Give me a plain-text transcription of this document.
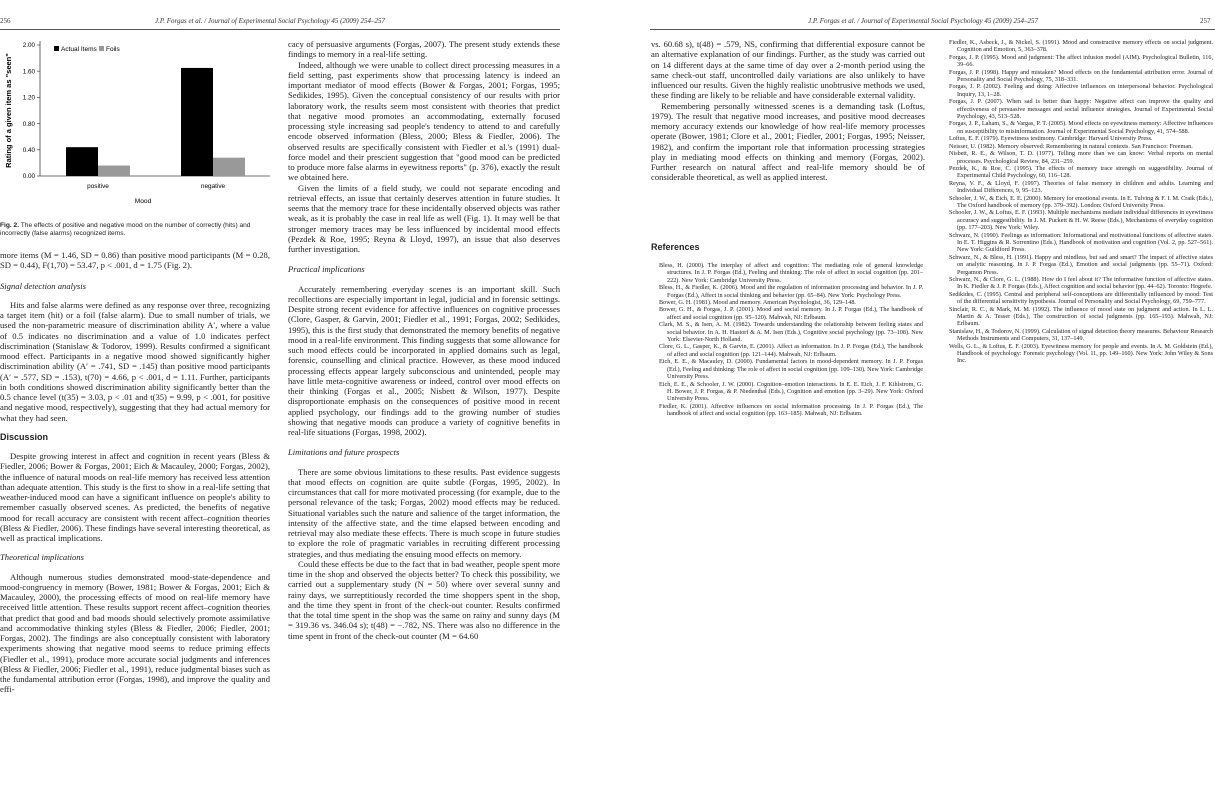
256	J.P. Forgas et al. / Journal of Experimental Social Psychology 45 (2009) 254–257
Rating of a given item as "seen"
0.00
0.40
0.80
1.20
1.60
2.00
positive	negative
Mood
Actual Items Foils
Fig. 2. The effects of positive and negative mood on the number of correctly (hits) and incorrectly (false alarms) recognized items.

more items (M = 1.46, SD = 0.86) than positive mood participants (M = 0.28, SD = 0.44), F(1,70) = 53.47, p < .001, d = 1.75 (Fig. 2).

Signal detection analysis

Hits and false alarms were defined as any response over three, recognizing a target item (hit) or a foil (false alarm). Due to small number of trials, we used the non-parametric measure of discrimination ability A′, where a value of 0.5 indicates no discrimination and a value of 1.0 indicates perfect discrimination (Stanislaw & Todorov, 1999). Results confirmed a significant mood effect. Participants in a negative mood showed significantly higher discrimination ability (A′ = .741, SD = .145) than positive mood participants (A′ = .577, SD = .153), t(70) = 4.66, p < .001, d = 1.11. Further, participants in both conditions showed discrimination ability significantly better than the 0.5 chance level (t(35) = 3.03, p < .01 and t(35) = 9.99, p < .001, for positive and negative mood, respectively), suggesting that they had actual memory for what they had seen.

Discussion

Despite growing interest in affect and cognition in recent years (Bless & Fiedler, 2006; Bower & Forgas, 2001; Eich & Macauley, 2000; Forgas, 2002), the influence of natural moods on real-life memory has received less attention than adequate attention. This study is the first to show in a real-life setting that weather-induced mood can have a significant influence on people's ability to remember casually observed scenes. As predicted, the benefits of negative mood for recall accuracy are consistent with recent affect–cognition theories (Bless & Fiedler, 2006). These findings have several interesting theoretical, as well as practical implications.

Theoretical implications

Although numerous studies demonstrated mood-state-dependence and mood-congruency in memory (Bower, 1981; Bower & Forgas, 2001; Eich & Macauley, 2000), the processing effects of mood on real-life memory have received little attention. These results support recent affect–cognition theories that predict that good and bad moods should selectively promote assimilative and accommodative thinking styles (Bless & Fiedler, 2006; Fiedler, 2001; Forgas, 2002). The findings are also conceptually consistent with laboratory experiments showing that negative mood seems to reduce priming effects (Fiedler et al., 1991), produce more accurate social judgments and inferences (Bless & Fiedler, 2006; Fiedler et al., 1991), reduce judgmental biases such as the fundamental attribution error (Forgas, 1998), and improve the quality and effi-

cacy of persuasive arguments (Forgas, 2007). The present study extends these findings to memory in a real-life setting.

Indeed, although we were unable to collect direct processing measures in a field setting, past experiments show that processing latency is indeed an important mediator of mood effects (Bower & Forgas, 2001; Forgas, 1995; Sedikides, 1995). Given the conceptual consistency of our results with prior laboratory work, the results seem most consistent with theories that predict that negative mood promotes an accommodating, externally focused processing style increasing sad people's tendency to attend to and carefully encode observed information (Bless, 2000; Bless & Fiedler, 2006). The observed results are specifically consistent with Fiedler et al.'s (1991) dual-force model and their prescient suggestion that "good mood can be predicted to produce more false alarms in eyewitness reports" (p. 376), exactly the result we obtained here.

Given the limits of a field study, we could not separate encoding and retrieval effects, an issue that certainly deserves attention in future studies. It seems that the memory trace for these incidentally observed objects was rather weak, as it is probably the case in real life as well (Fig. 1). It may well be that stronger memory traces may be less influenced by incidental mood effects (Pezdek & Roe, 1995; Reyna & Lloyd, 1997), an issue that also deserves further investigation.

Practical implications

Accurately remembering everyday scenes is an important skill. Such recollections are especially important in legal, judicial and in forensic settings. Despite strong recent evidence for affective influences on cognitive processes (Clore, Gasper, & Garvin, 2001; Fiedler et al., 1991; Forgas, 2002; Sedikides, 1995), this is the first study that demonstrated the memory benefits of negative mood in a real-life environment. This finding suggests that some allowance for such mood effects could be incorporated in applied domains such as legal, forensic, counselling and clinical practice. However, as these mood induced processing effects appear largely subconscious and unintended, people may have little meta-cognitive awareness or indeed, control over mood effects on their thinking (Forgas et al., 2005; Nisbett & Wilson, 1977). Despite disproportionate emphasis on the consequences of positive mood in recent applied psychology, our findings add to the growing number of studies showing that negative moods can produce a variety of cognitive benefits in real-life situations (Forgas, 1998, 2002).

Limitations and future prospects

There are some obvious limitations to these results. Past evidence suggests that mood effects on cognition are quite subtle (Forgas, 1995, 2002). In circumstances that call for more motivated processing (for example, due to the personal relevance of the task; Forgas, 2002) mood effects may be reduced. Situational variables such the nature and salience of the target information, the intensity of the affective state, and the time elapsed between encoding and retrieval may also mediate these effects. There is much scope in future studies to explore the role of pragmatic variables in recruiting different processing strategies, and thus mediating the ensuing mood effects on memory.

Could these effects be due to the fact that in bad weather, people spent more time in the shop and observed the objects better? To check this possibility, we carried out a supplementary study (N = 50) where over several sunny and rainy days, we surreptitiously recorded the time shoppers spent in the shop, and the time they spent in front of the check-out counter. Results confirmed that the total time spent in the shop was the same on rainy and sunny days (M = 319.36 vs. 346.04 s); t(48) = −.782, NS. There was also no difference in the time spent in front of the check-out counter (M = 64.60

J.P. Forgas et al. / Journal of Experimental Social Psychology 45 (2009) 254–257	257

vs. 60.68 s), t(48) = .579, NS, confirming that differential exposure cannot be an alternative explanation of our findings. Further, as the study was carried out on 14 different days at the same time of day over a 2-month period using the same check-out staff, uncontrolled daily variations are also unlikely to have influenced our results. Given the highly realistic unobtrusive methods we used, these finding are likely to be reliable and have considerable external validity.

Remembering personally witnessed scenes is a demanding task (Loftus, 1979). The result that negative mood increases, and positive mood decreases memory accuracy extends our knowledge of how real-life memory processes operate (Bower, 1981; Clore et al., 2001; Fiedler, 2001; Forgas, 1995; Neisser, 1982), and confirm the important role that information processing strategies play in mediating mood effects on thinking and memory (Forgas, 2002). Further research on natural affect and real-life memory should be of considerable theoretical, as well as applied interest.

References
Bless, H. (2000). The interplay of affect and cognition: The mediating role of general knowledge structures. In J. P. Forgas (Ed.), Feeling and thinking: The role of affect in social cognition (pp. 201–222). New York: Cambridge University Press.
Bless, H., & Fiedler, K. (2006). Mood and the regulation of information processing and behavior. In J. P. Forgas (Ed.), Affect in social thinking and behavior (pp. 65–84). New York: Psychology Press.
Bower, G. H. (1981). Mood and memory. American Psychologist, 36, 129–148.
Bower, G. H., & Forgas, J. P. (2001). Mood and social memory. In J. P. Forgas (Ed.), The handbook of affect and social cognition (pp. 95–120). Mahwah, NJ: Erlbaum.
Clark, M. S., & Isen, A. M. (1982). Towards understanding the relationship between feeling states and social behavior. In A. H. Hastorf & A. M. Isen (Eds.), Cognitive social psychology (pp. 73–108). New York: Elsevier-North Holland.
Clore, G. L., Gasper, K., & Garvin, E. (2001). Affect as information. In J. P. Forgas (Ed.), The handbook of affect and social cognition (pp. 121–144). Mahwah, NJ: Erlbaum.
Eich, E. E., & Macauley, D. (2000). Fundamental factors in mood-dependent memory. In J. P. Forgas (Ed.), Feeling and thinking: The role of affect in social cognition (pp. 109–130). New York: Cambridge University Press.
Eich, E. E., & Schooler, J. W. (2000). Cognition–emotion interactions. In E. E. Eich, J. F. Kihlstrom, G. H. Bower, J. P. Forgas, & P. Niedenthal (Eds.), Cognition and emotion (pp. 3–29). New York: Oxford University Press.
Fiedler, K. (2001). Affective influences on social information processing. In J. P. Forgas (Ed.), The handbook of affect and social cognition (pp. 163–185). Mahwah, NJ: Erlbaum.
Fiedler, K., Asbeck, J., & Nickel, S. (1991). Mood and constructive memory effects on social judgment. Cognition and Emotion, 5, 363–378.
Forgas, J. P. (1995). Mood and judgment: The affect infusion model (AIM). Psychological Bulletin, 116, 39–66.
Forgas, J. P. (1998). Happy and mistaken? Mood effects on the fundamental attribution error. Journal of Personality and Social Psychology, 75, 318–331.
Forgas, J. P. (2002). Feeling and doing: Affective influences on interpersonal behavior. Psychological Inquiry, 13, 1–28.
Forgas, J. P. (2007). When sad is better than happy: Negative affect can improve the quality and effectiveness of persuasive messages and social influence strategies. Journal of Experimental Social Psychology, 43, 513–528.
Forgas, J. P., Laham, S., & Vargas, P. T. (2005). Mood effects on eyewitness memory: Affective influences on susceptibility to misinformation. Journal of Experimental Social Psychology, 41, 574–588.
Loftus, E. F. (1979). Eyewitness testimony. Cambridge: Harvard University Press.
Neisser, U. (1982). Memory observed: Remembering in natural contexts. San Francisco: Freeman.
Nisbett, R. E., & Wilson, T. D. (1977). Telling more than we can know: Verbal reports on mental processes. Psychological Review, 84, 231–259.
Pezdek, K., & Roe, C. (1995). The effects of memory trace strength on suggestibility. Journal of Experimental Child Psychology, 60, 116–128.
Reyna, V. F., & Lloyd, F. (1997). Theories of false memory in children and adults. Learning and Individual Differences, 9, 95–123.
Schooler, J. W., & Eich, E. E. (2000). Memory for emotional events. In E. Tulving & F. I. M. Craik (Eds.), The Oxford handbook of memory (pp. 379–392). London: Oxford University Press.
Schooler, J. W., & Loftus, E. F. (1993). Multiple mechanisms mediate individual differences in eyewitness accuracy and suggestibility. In J. M. Puckett & H. W. Reese (Eds.), Mechanisms of everyday cognition (pp. 177–203). New York: Wiley.
Schwarz, N. (1990). Feelings as information: Informational and motivational functions of affective states. In E. T. Higgins & R. Sorrentino (Eds.), Handbook of motivation and cognition (Vol. 2, pp. 527–561). New York: Guildford Press.
Schwarz, N., & Bless, H. (1991). Happy and mindless, but sad and smart? The impact of affective states on analytic reasoning. In J. P. Forgas (Ed.), Emotion and social judgments (pp. 55–71). Oxford: Pergamon Press.
Schwarz, N., & Clore, G. L. (1988). How do I feel about it? The informative function of affective states. In K. Fiedler & J. P. Forgas (Eds.), Affect cognition and social behavior (pp. 44–62). Toronto: Hogrefe.
Sedikides, C. (1995). Central and peripheral self-conceptions are differentially influenced by mood: Test of the differential sensitivity hypothesis. Journal of Personality and Social Psychology, 69, 759–777.
Sinclair, R. C., & Mark, M. M. (1992). The influence of mood state on judgment and action. In L. L. Martin & A. Tesser (Eds.), The construction of social judgments (pp. 165–193). Mahwah, NJ: Erlbaum.
Stanislaw, H., & Todorov, N. (1999). Calculation of signal detection theory measures. Behaviour Research Methods Instruments and Computers, 31, 137–149.
Wells, G. L., & Loftus, E. F. (2003). Eyewitness memory for people and events. In A. M. Goldstein (Ed.), Handbook of psychology: Forensic psychology (Vol. 11, pp. 149–160). New York: John Wiley & Sons Inc.
